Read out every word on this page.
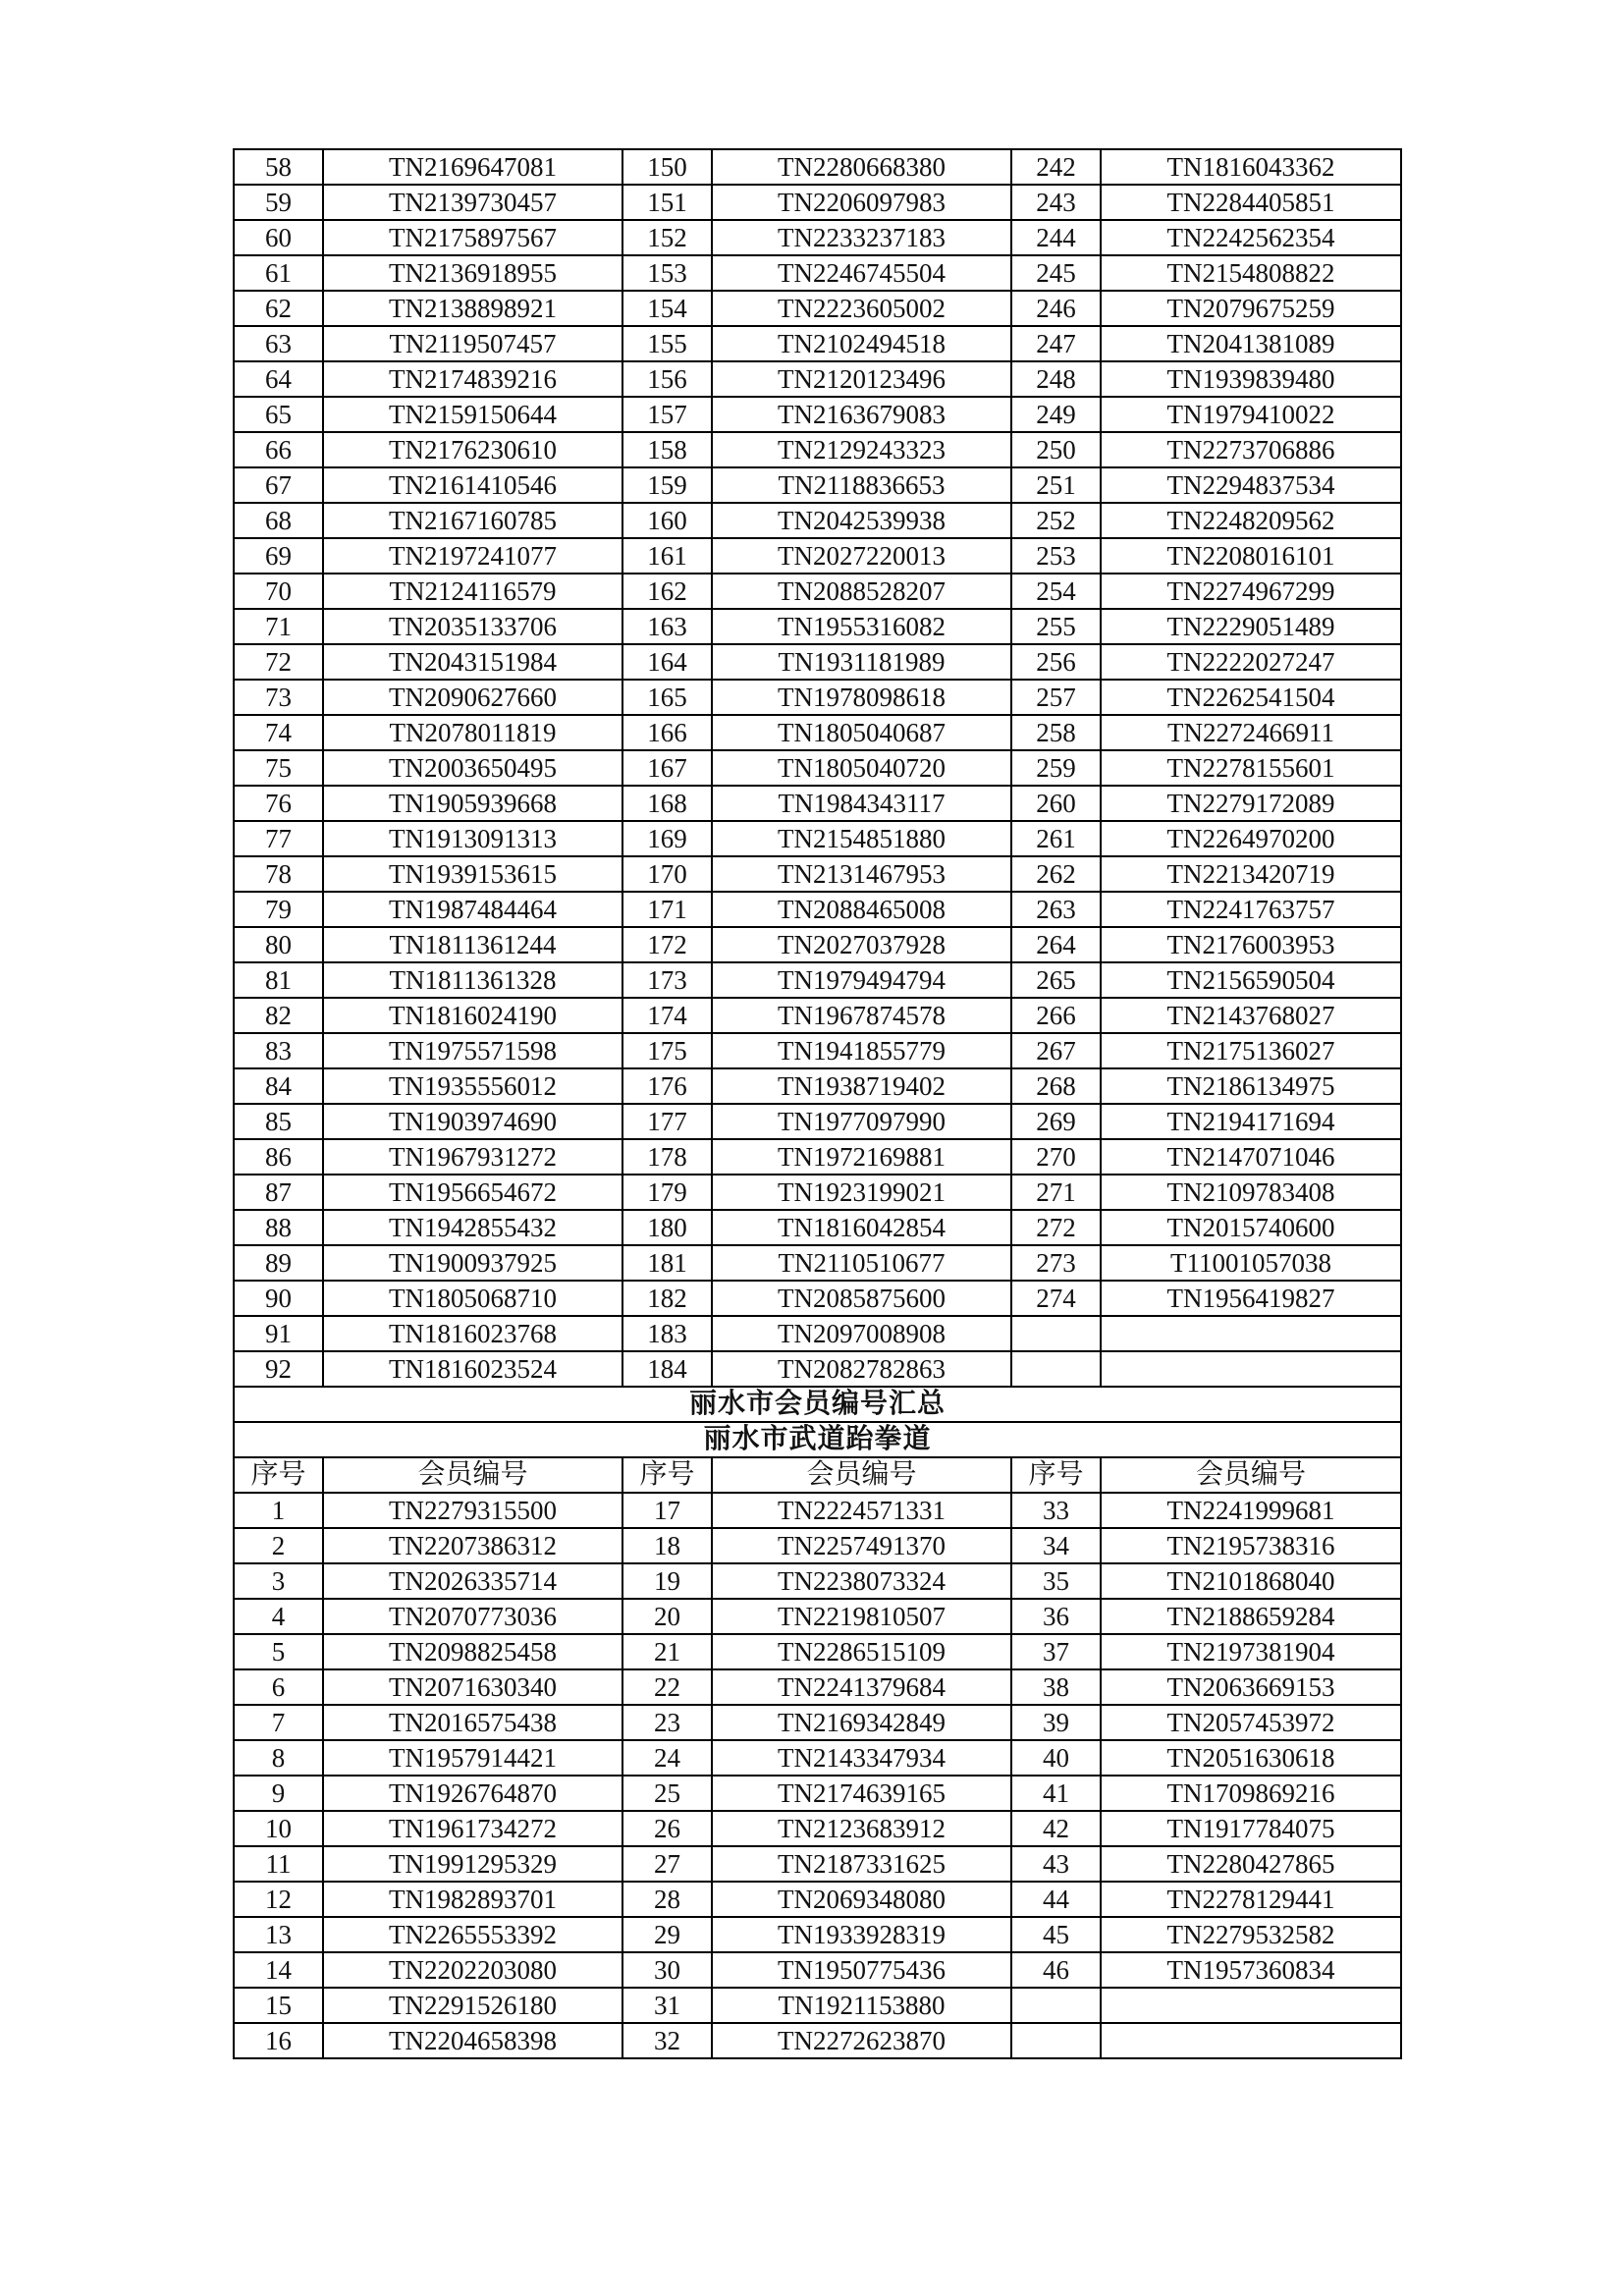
58	TN2169647081	150	TN2280668380	242	TN1816043362
59	TN2139730457	151	TN2206097983	243	TN2284405851
60	TN2175897567	152	TN2233237183	244	TN2242562354
61	TN2136918955	153	TN2246745504	245	TN2154808822
62	TN2138898921	154	TN2223605002	246	TN2079675259
63	TN2119507457	155	TN2102494518	247	TN2041381089
64	TN2174839216	156	TN2120123496	248	TN1939839480
65	TN2159150644	157	TN2163679083	249	TN1979410022
66	TN2176230610	158	TN2129243323	250	TN2273706886
67	TN2161410546	159	TN2118836653	251	TN2294837534
68	TN2167160785	160	TN2042539938	252	TN2248209562
69	TN2197241077	161	TN2027220013	253	TN2208016101
70	TN2124116579	162	TN2088528207	254	TN2274967299
71	TN2035133706	163	TN1955316082	255	TN2229051489
72	TN2043151984	164	TN1931181989	256	TN2222027247
73	TN2090627660	165	TN1978098618	257	TN2262541504
74	TN2078011819	166	TN1805040687	258	TN2272466911
75	TN2003650495	167	TN1805040720	259	TN2278155601
76	TN1905939668	168	TN1984343117	260	TN2279172089
77	TN1913091313	169	TN2154851880	261	TN2264970200
78	TN1939153615	170	TN2131467953	262	TN2213420719
79	TN1987484464	171	TN2088465008	263	TN2241763757
80	TN1811361244	172	TN2027037928	264	TN2176003953
81	TN1811361328	173	TN1979494794	265	TN2156590504
82	TN1816024190	174	TN1967874578	266	TN2143768027
83	TN1975571598	175	TN1941855779	267	TN2175136027
84	TN1935556012	176	TN1938719402	268	TN2186134975
85	TN1903974690	177	TN1977097990	269	TN2194171694
86	TN1967931272	178	TN1972169881	270	TN2147071046
87	TN1956654672	179	TN1923199021	271	TN2109783408
88	TN1942855432	180	TN1816042854	272	TN2015740600
89	TN1900937925	181	TN2110510677	273	T11001057038
90	TN1805068710	182	TN2085875600	274	TN1956419827
91	TN1816023768	183	TN2097008908		
92	TN1816023524	184	TN2082782863		
丽水市会员编号汇总					
丽水市武道跆拳道					
序号	会员编号	序号	会员编号	序号	会员编号
1	TN2279315500	17	TN2224571331	33	TN2241999681
2	TN2207386312	18	TN2257491370	34	TN2195738316
3	TN2026335714	19	TN2238073324	35	TN2101868040
4	TN2070773036	20	TN2219810507	36	TN2188659284
5	TN2098825458	21	TN2286515109	37	TN2197381904
6	TN2071630340	22	TN2241379684	38	TN2063669153
7	TN2016575438	23	TN2169342849	39	TN2057453972
8	TN1957914421	24	TN2143347934	40	TN2051630618
9	TN1926764870	25	TN2174639165	41	TN1709869216
10	TN1961734272	26	TN2123683912	42	TN1917784075
11	TN1991295329	27	TN2187331625	43	TN2280427865
12	TN1982893701	28	TN2069348080	44	TN2278129441
13	TN2265553392	29	TN1933928319	45	TN2279532582
14	TN2202203080	30	TN1950775436	46	TN1957360834
15	TN2291526180	31	TN1921153880		
16	TN2204658398	32	TN2272623870		
